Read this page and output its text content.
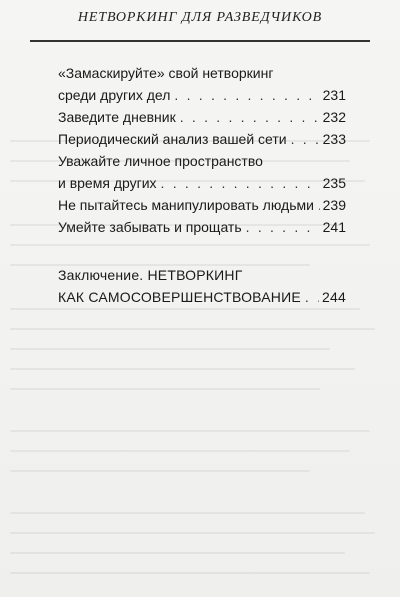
НЕТВОРКИНГ ДЛЯ РАЗВЕДЧИКОВ
«Замаскируйте» свой нетворкинг
среди других дел . . .	231
Заведите дневник . . .	232
Периодический анализ вашей сети . . .	233
Уважайте личное пространство
и время других . . .	235
Не пытайтесь манипулировать людьми . . . 239
Умейте забывать и прощать . . .	241
Заключение. НЕТВОРКИНГ
КАК САМОСОВЕРШЕНСТВОВАНИЕ . . . 244
